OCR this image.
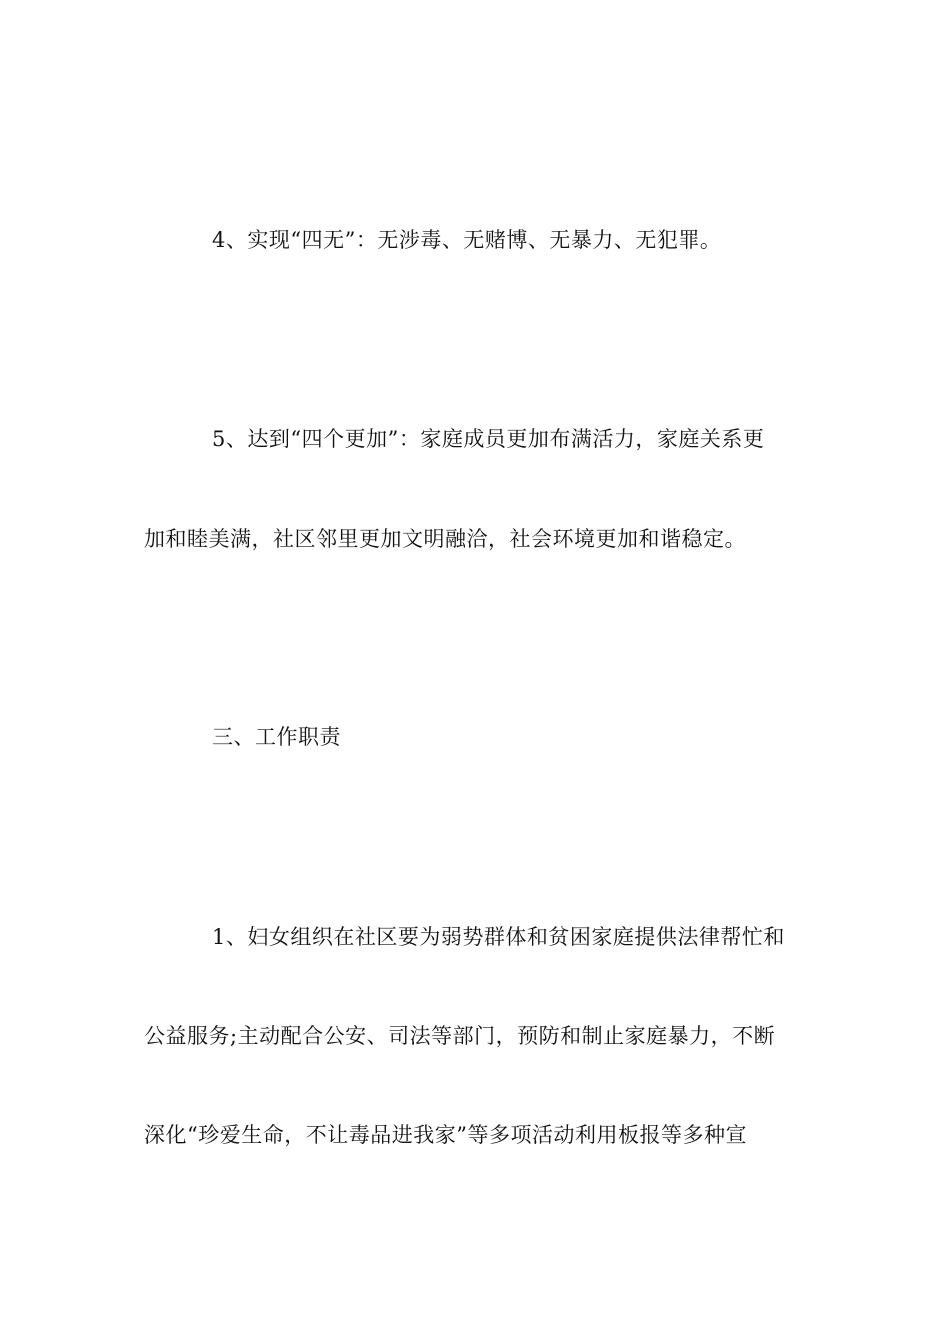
4、实现“四无”：无涉毒、无赌博、无暴力、无犯罪。

5、达到“四个更加”：家庭成员更加布满活力，家庭关系更

加和睦美满，社区邻里更加文明融洽，社会环境更加和谐稳定。

三、工作职责

1、妇女组织在社区要为弱势群体和贫困家庭提供法律帮忙和

公益服务;主动配合公安、司法等部门，预防和制止家庭暴力，不断

深化“珍爱生命，不让毒品进我家”等多项活动利用板报等多种宣
